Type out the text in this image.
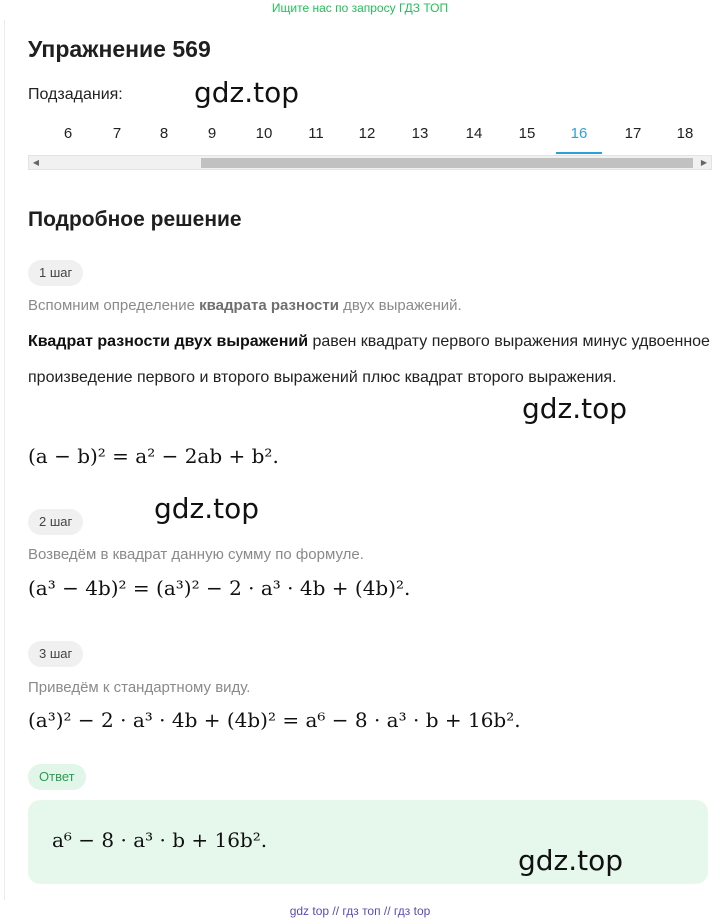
Ищите нас по запросу ГДЗ ТОП
Упражнение 569
Подзадания:	gdz.top
6	7	8	9	10	11	12	13	14	15	16	17	18
◀	▶
Подробное решение
1 шаг
Вспомним определение квадрата разности двух выражений.
Квадрат разности двух выражений равен квадрату первого выражения минус удвоенное произведение первого и второго выражений плюс квадрат второго выражения.
gdz.top
(a − b)² = a² − 2ab + b².
gdz.top
2 шаг
Возведём в квадрат данную сумму по формуле.
(a³ − 4b)² = (a³)² − 2 · a³ · 4b + (4b)².
3 шаг
Приведём к стандартному виду.
(a³)² − 2 · a³ · 4b + (4b)² = a⁶ − 8 · a³ · b + 16b².
Ответ
a⁶ − 8 · a³ · b + 16b².
gdz.top
gdz top // гдз топ // гдз top
